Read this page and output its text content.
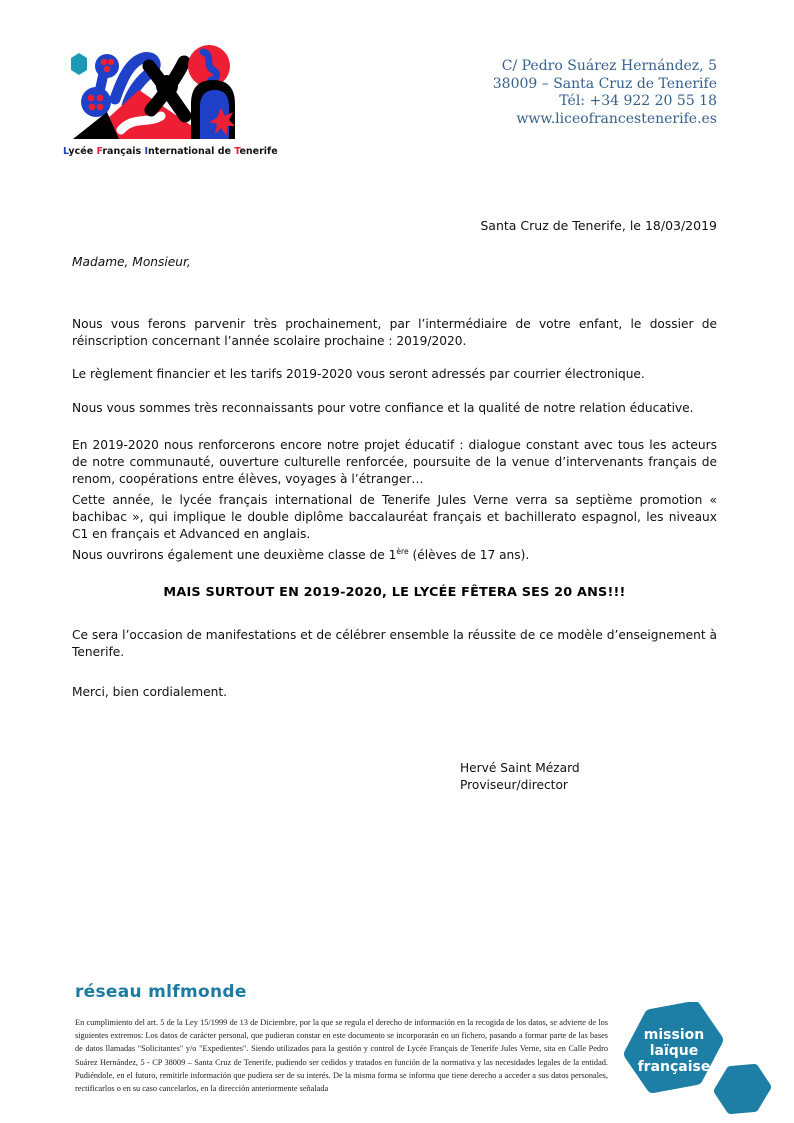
Lycée Français International de Tenerife
C/ Pedro Suárez Hernández, 5
38009 – Santa Cruz de Tenerife
Tél: +34 922 20 55 18
www.liceofrancestenerife.es
Santa Cruz de Tenerife, le 18/03/2019

Madame, Monsieur,

Nous vous ferons parvenir très prochainement, par l’intermédiaire de votre enfant, le dossier de réinscription concernant l’année scolaire prochaine : 2019/2020.

Le règlement financier et les tarifs 2019-2020 vous seront adressés par courrier électronique.

Nous vous sommes très reconnaissants pour votre confiance et la qualité de notre relation éducative.

En 2019-2020 nous renforcerons encore notre projet éducatif : dialogue constant avec tous les acteurs de notre communauté, ouverture culturelle renforcée, poursuite de la venue d’intervenants français de renom, coopérations entre élèves, voyages à l’étranger…

Cette année, le lycée français international de Tenerife Jules Verne verra sa septième promotion « bachibac », qui implique le double diplôme baccalauréat français et bachillerato espagnol, les niveaux C1 en français et Advanced en anglais.

Nous ouvrirons également une deuxième classe de 1ère (élèves de 17 ans).

MAIS SURTOUT EN 2019-2020, LE LYCÉE FÊTERA SES 20 ANS!!!

Ce sera l’occasion de manifestations et de célébrer ensemble la réussite de ce modèle d’enseignement à Tenerife.

Merci, bien cordialement.

Hervé Saint Mézard
Proviseur/director
réseau mlfmonde
En cumplimiento del art. 5 de la Ley 15/1999 de 13 de Diciembre, por la que se regula el derecho de información en la recogida de los datos, se advierte de los siguientes extremos: Los datos de carácter personal, que pudieran constar en este documento se incorporarán en un fichero, pasando a formar parte de las bases de datos llamadas "Solicitantes" y/o "Expedientes". Siendo utilizados para la gestión y control de Lycée Français de Tenerife Jules Verne, sita en Calle Pedro Suárez Hernández, 5 - CP 38009 – Santa Cruz de Tenerife, pudiendo ser cedidos y tratados en función de la normativa y las necesidades legales de la entidad. Pudiéndole, en el futuro, remitirle información que pudiera ser de su interés. De la misma forma se informa que tiene derecho a acceder a sus datos personales, rectificarlos o en su caso cancelarlos, en la dirección anteriormente señalada
mission
laïque
française
